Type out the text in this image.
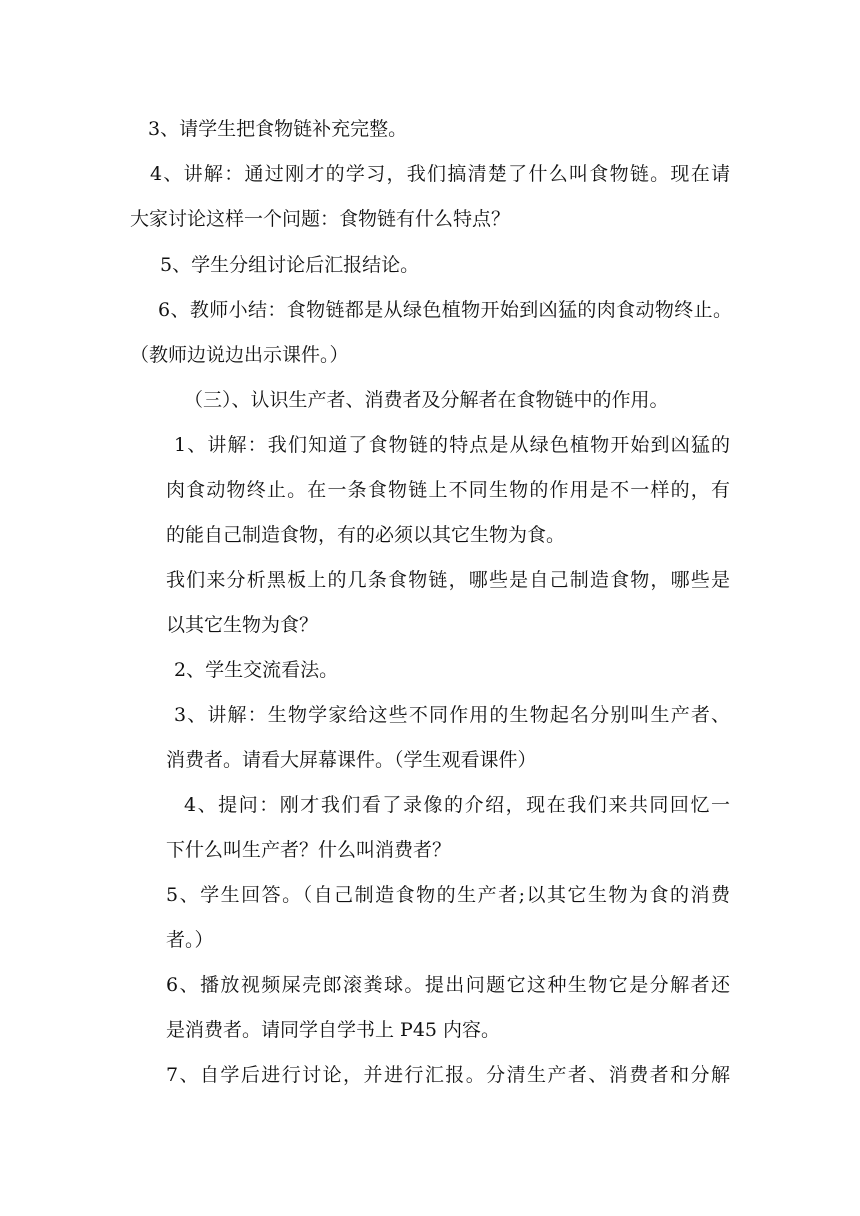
3、请学生把食物链补充完整。

4、讲解：通过刚才的学习，我们搞清楚了什么叫食物链。现在请

大家讨论这样一个问题：食物链有什么特点？

5、学生分组讨论后汇报结论。

6、教师小结：食物链都是从绿色植物开始到凶猛的肉食动物终止。

（教师边说边出示课件。）

（三）、认识生产者、消费者及分解者在食物链中的作用。

1、讲解：我们知道了食物链的特点是从绿色植物开始到凶猛的

肉食动物终止。在一条食物链上不同生物的作用是不一样的，有

的能自己制造食物，有的必须以其它生物为食。

我们来分析黑板上的几条食物链，哪些是自己制造食物，哪些是

以其它生物为食？

2、学生交流看法。

3、讲解：生物学家给这些不同作用的生物起名分别叫生产者、

消费者。请看大屏幕课件。（学生观看课件）

4、提问：刚才我们看了录像的介绍，现在我们来共同回忆一

下什么叫生产者？什么叫消费者？

5、学生回答。（自己制造食物的生产者;以其它生物为食的消费

者。）

6、播放视频屎壳郎滚粪球。提出问题它这种生物它是分解者还

是消费者。请同学自学书上 P45 内容。

7、自学后进行讨论，并进行汇报。分清生产者、消费者和分解
